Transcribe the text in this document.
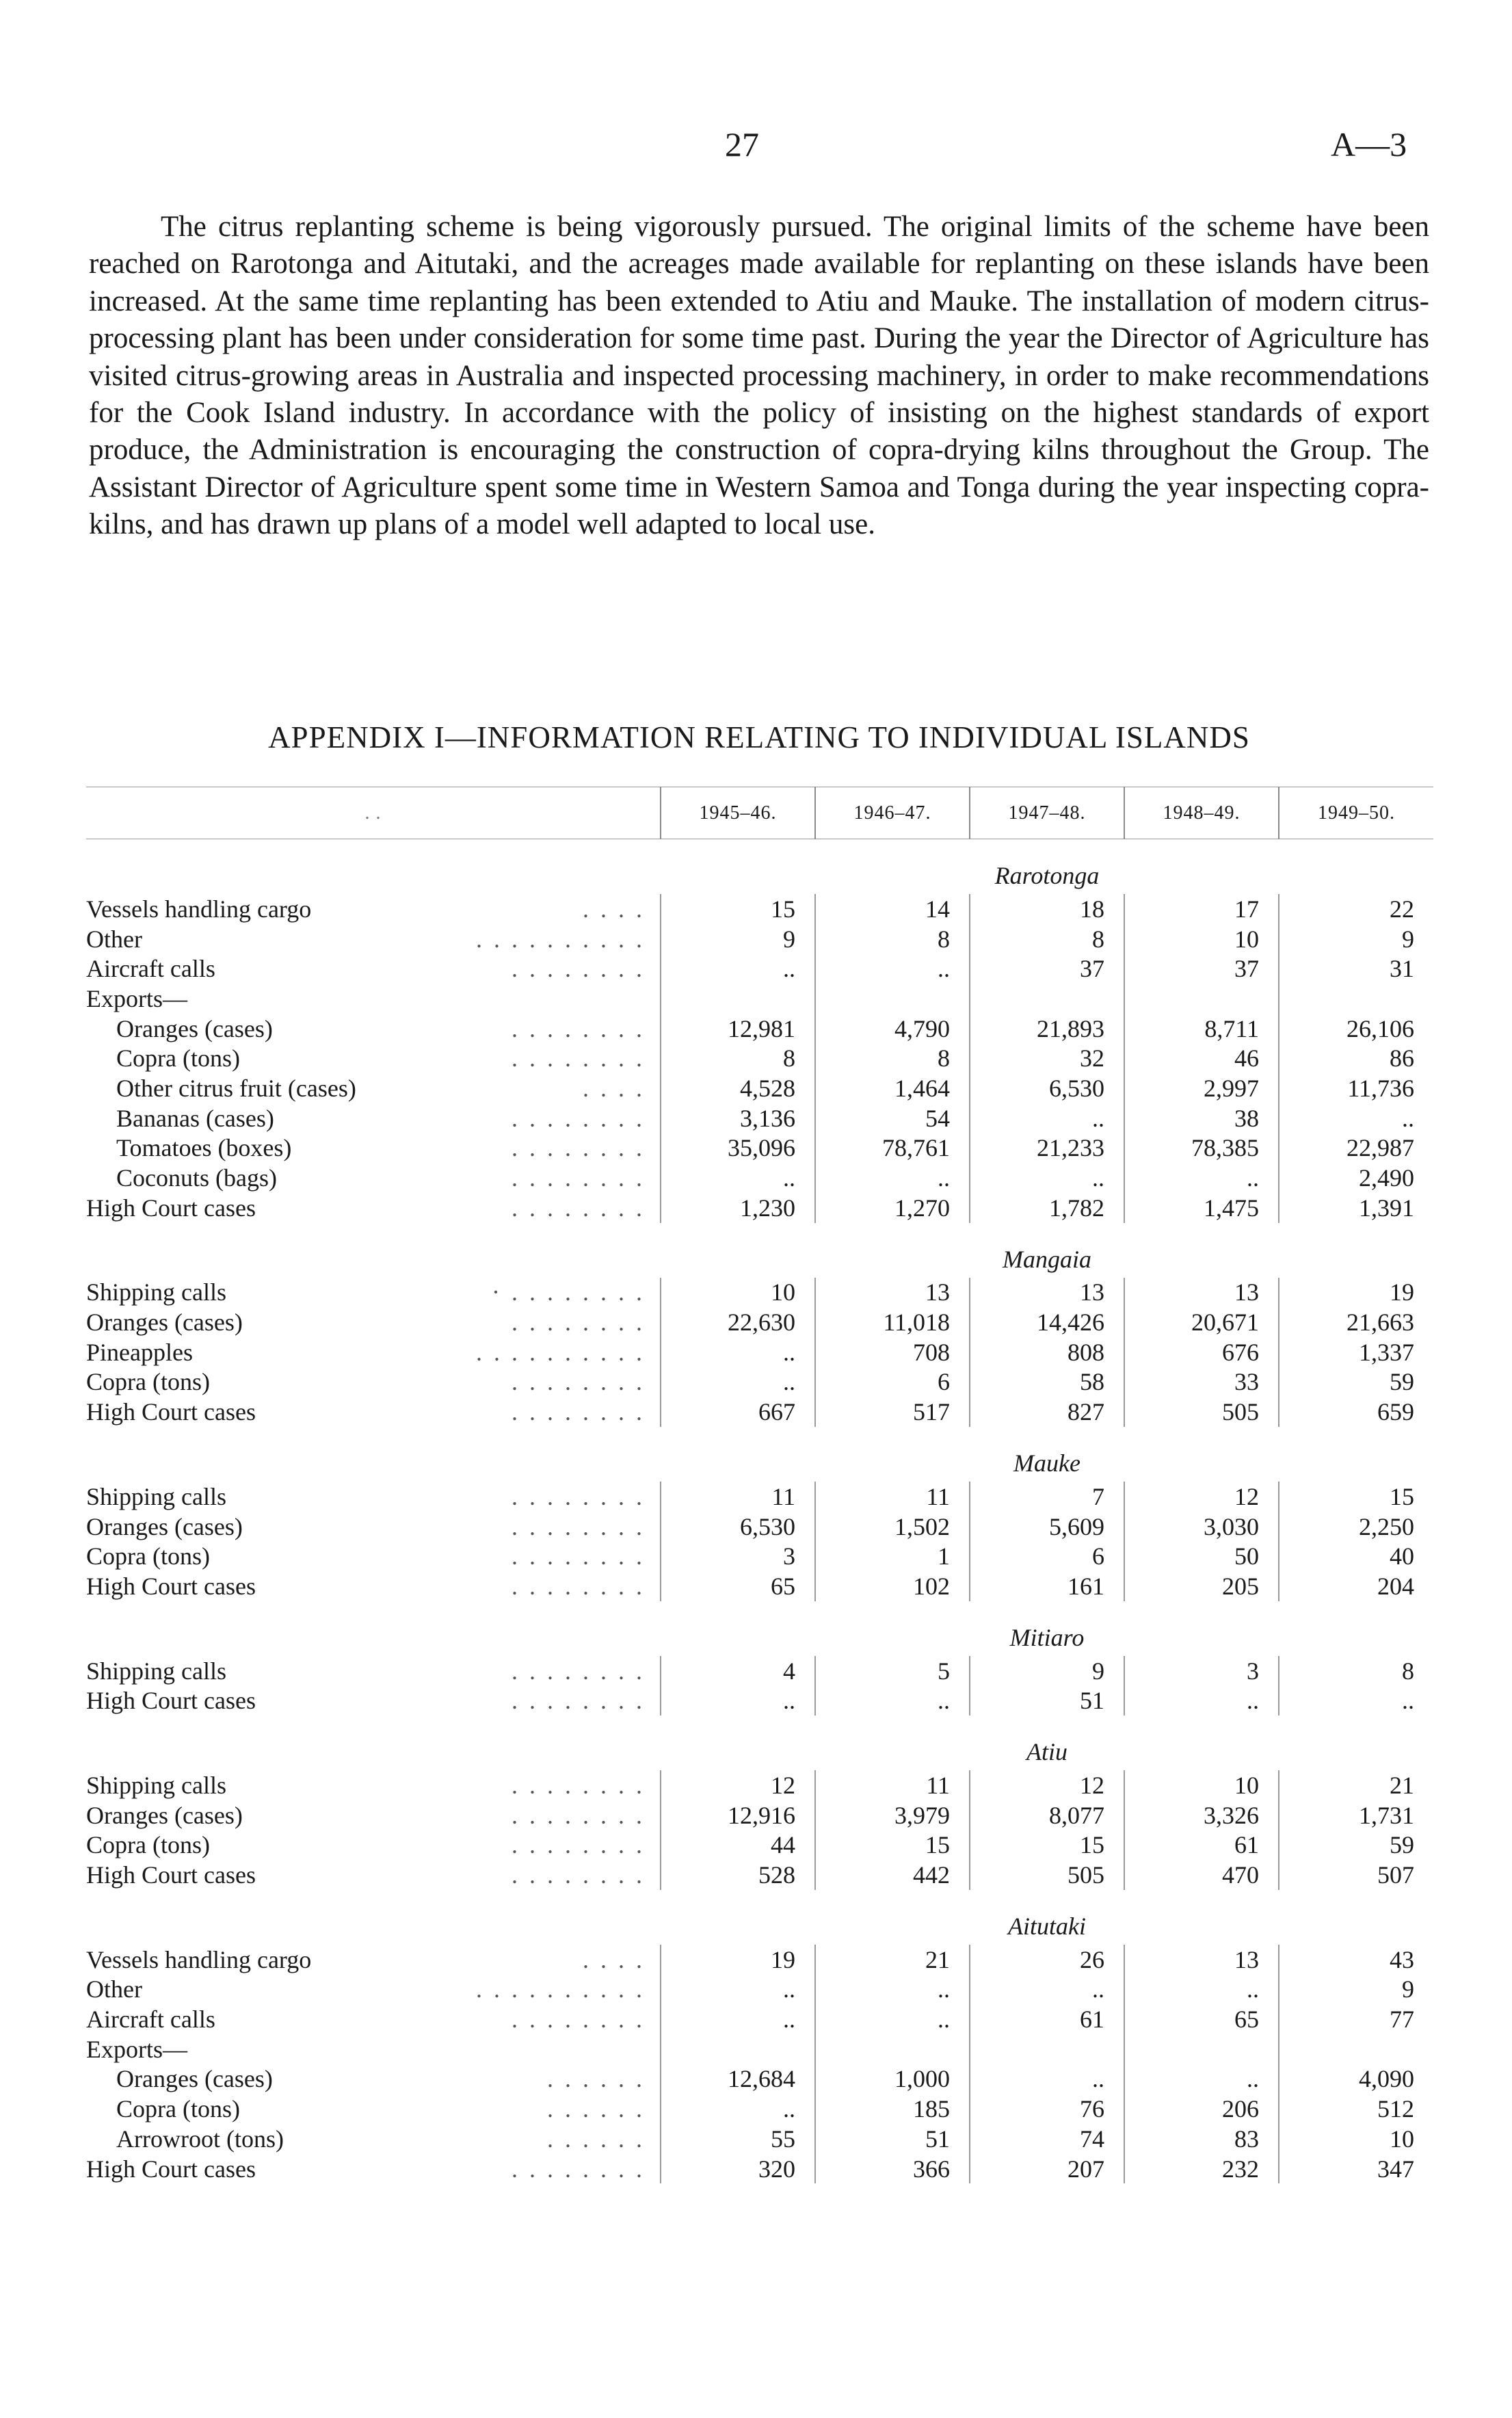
27	A—3

The citrus replanting scheme is being vigorously pursued. The original limits of the scheme have been reached on Rarotonga and Aitutaki, and the acreages made available for replanting on these islands have been increased. At the same time replanting has been extended to Atiu and Mauke. The installation of modern citrus-processing plant has been under consideration for some time past. During the year the Director of Agriculture has visited citrus-growing areas in Australia and inspected processing machinery, in order to make recommendations for the Cook Island industry. In accordance with the policy of insisting on the highest standards of export produce, the Administration is encouraging the construction of copra-drying kilns throughout the Group. The Assistant Director of Agriculture spent some time in Western Samoa and Tonga during the year inspecting copra-kilns, and has drawn up plans of a model well adapted to local use.

APPENDIX I—INFORMATION RELATING TO INDIVIDUAL ISLANDS
. .	1945–46.	1946–47.	1947–48.	1948–49.	1949–50.
	Rarotonga				
Vessels handling cargo . . . .	15	14	18	17	22
Other . . . . . . . . . .	9	8	8	10	9
Aircraft calls . . . . . . . .	..	..	37	37	31
Exports—					
Oranges (cases) . . . . . . . .	12,981	4,790	21,893	8,711	26,106
Copra (tons) . . . . . . . .	8	8	32	46	86
Other citrus fruit (cases) . . . .	4,528	1,464	6,530	2,997	11,736
Bananas (cases) . . . . . . . .	3,136	54	..	38	..
Tomatoes (boxes) . . . . . . . .	35,096	78,761	21,233	78,385	22,987
Coconuts (bags) . . . . . . . .	..	..	..	..	2,490
High Court cases . . . . . . . .	1,230	1,270	1,782	1,475	1,391
	Mangaia				
Shipping calls · . . . . . . . .	10	13	13	13	19
Oranges (cases) . . . . . . . .	22,630	11,018	14,426	20,671	21,663
Pineapples . . . . . . . . . .	..	708	808	676	1,337
Copra (tons) . . . . . . . .	..	6	58	33	59
High Court cases . . . . . . . .	667	517	827	505	659
	Mauke				
Shipping calls . . . . . . . .	11	11	7	12	15
Oranges (cases) . . . . . . . .	6,530	1,502	5,609	3,030	2,250
Copra (tons) . . . . . . . .	3	1	6	50	40
High Court cases . . . . . . . .	65	102	161	205	204
	Mitiaro				
Shipping calls . . . . . . . .	4	5	9	3	8
High Court cases . . . . . . . .	..	..	51	..	..
	Atiu				
Shipping calls . . . . . . . .	12	11	12	10	21
Oranges (cases) . . . . . . . .	12,916	3,979	8,077	3,326	1,731
Copra (tons) . . . . . . . .	44	15	15	61	59
High Court cases . . . . . . . .	528	442	505	470	507
	Aitutaki				
Vessels handling cargo . . . .	19	21	26	13	43
Other . . . . . . . . . .	..	..	..	..	9
Aircraft calls . . . . . . . .	..	..	61	65	77
Exports—					
Oranges (cases) . . . . . .	12,684	1,000	..	..	4,090
Copra (tons) . . . . . .	..	185	76	206	512
Arrowroot (tons) . . . . . .	55	51	74	83	10
High Court cases . . . . . . . .	320	366	207	232	347
